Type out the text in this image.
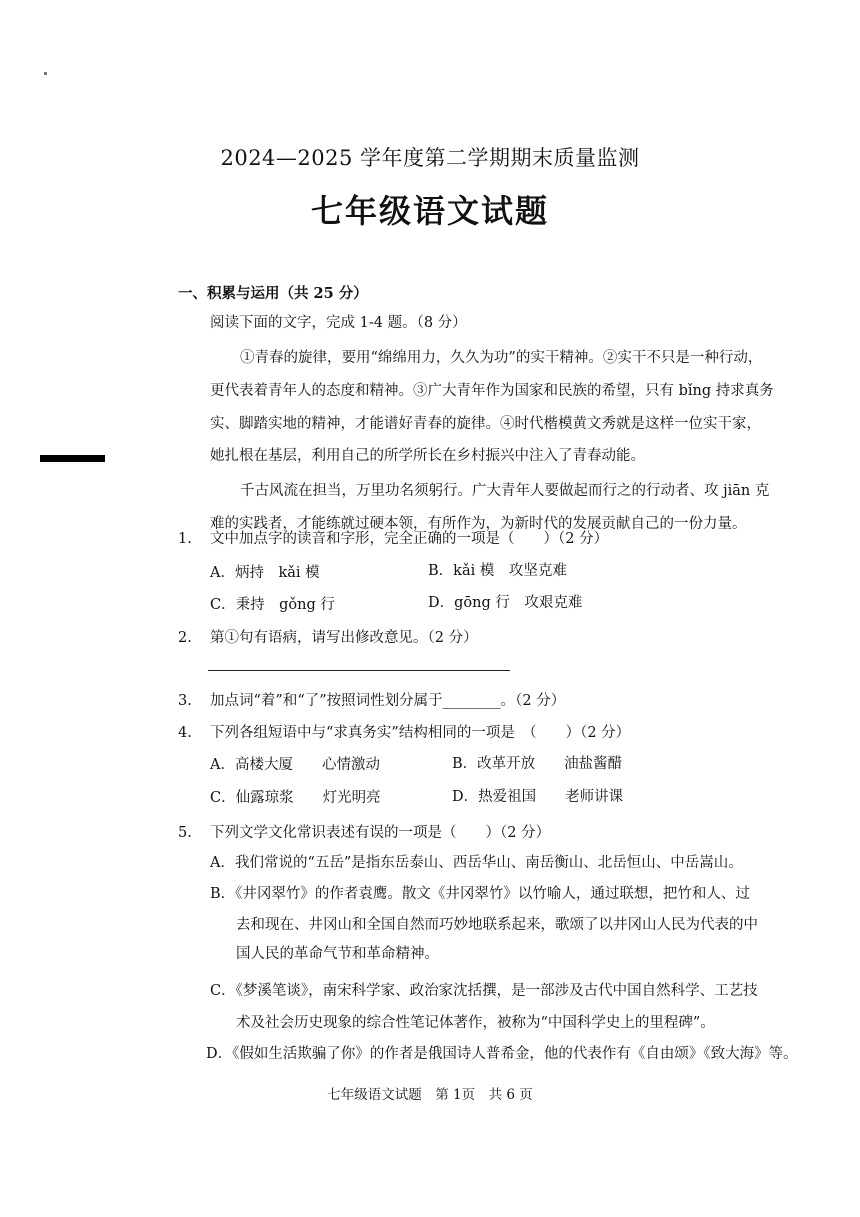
2024—2025 学年度第二学期期末质量监测
七年级语文试题
一、积累与运用（共 25 分）
阅读下面的文字，完成 1-4 题。（8 分）
①青春的旋律，要用“绵绵用力，久久为功”的实干精神。②实干不只是一种行动，
更代表着青年人的态度和精神。③广大青年作为国家和民族的希望，只有 bǐng 持求真务
实、脚踏实地的精神，才能谱好青春的旋律。④时代楷模黄文秀就是这样一位实干家，
她扎根在基层，利用自己的所学所长在乡村振兴中注入了青春动能。
千古风流在担当，万里功名须躬行。广大青年人要做起而行之的行动者、攻 jiān 克
难的实践者，才能练就过硬本领，有所作为，为新时代的发展贡献自己的一份力量。
1. 文中加点字的读音和字形，完全正确的一项是（　　）（2 分）
A．炳持　kǎi 模	B．kǎi 模　攻坚克难
C．秉持　gǒng 行	D．gōng 行　攻艰克难
2. 第①句有语病，请写出修改意见。（2 分）
3. 加点词“着”和“了”按照词性划分属于________。（2 分）
4. 下列各组短语中与“求真务实”结构相同的一项是　（　　）（2 分）
A．高楼大厦　　心情激动	B．改革开放　　油盐酱醋
C．仙露琼浆　　灯光明亮	D．热爱祖国　　老师讲课
5. 下列文学文化常识表述有误的一项是（　　）（2 分）
A．我们常说的“五岳”是指东岳泰山、西岳华山、南岳衡山、北岳恒山、中岳嵩山。
B．《井冈翠竹》的作者袁鹰。散文《井冈翠竹》以竹喻人，通过联想，把竹和人、过
去和现在、井冈山和全国自然而巧妙地联系起来，歌颂了以井冈山人民为代表的中
国人民的革命气节和革命精神。
C．《梦溪笔谈》，南宋科学家、政治家沈括撰，是一部涉及古代中国自然科学、工艺技
术及社会历史现象的综合性笔记体著作，被称为“中国科学史上的里程碑”。
D．《假如生活欺骗了你》的作者是俄国诗人普希金，他的代表作有《自由颂》《致大海》等。
七年级语文试题　第 1页　共 6 页
